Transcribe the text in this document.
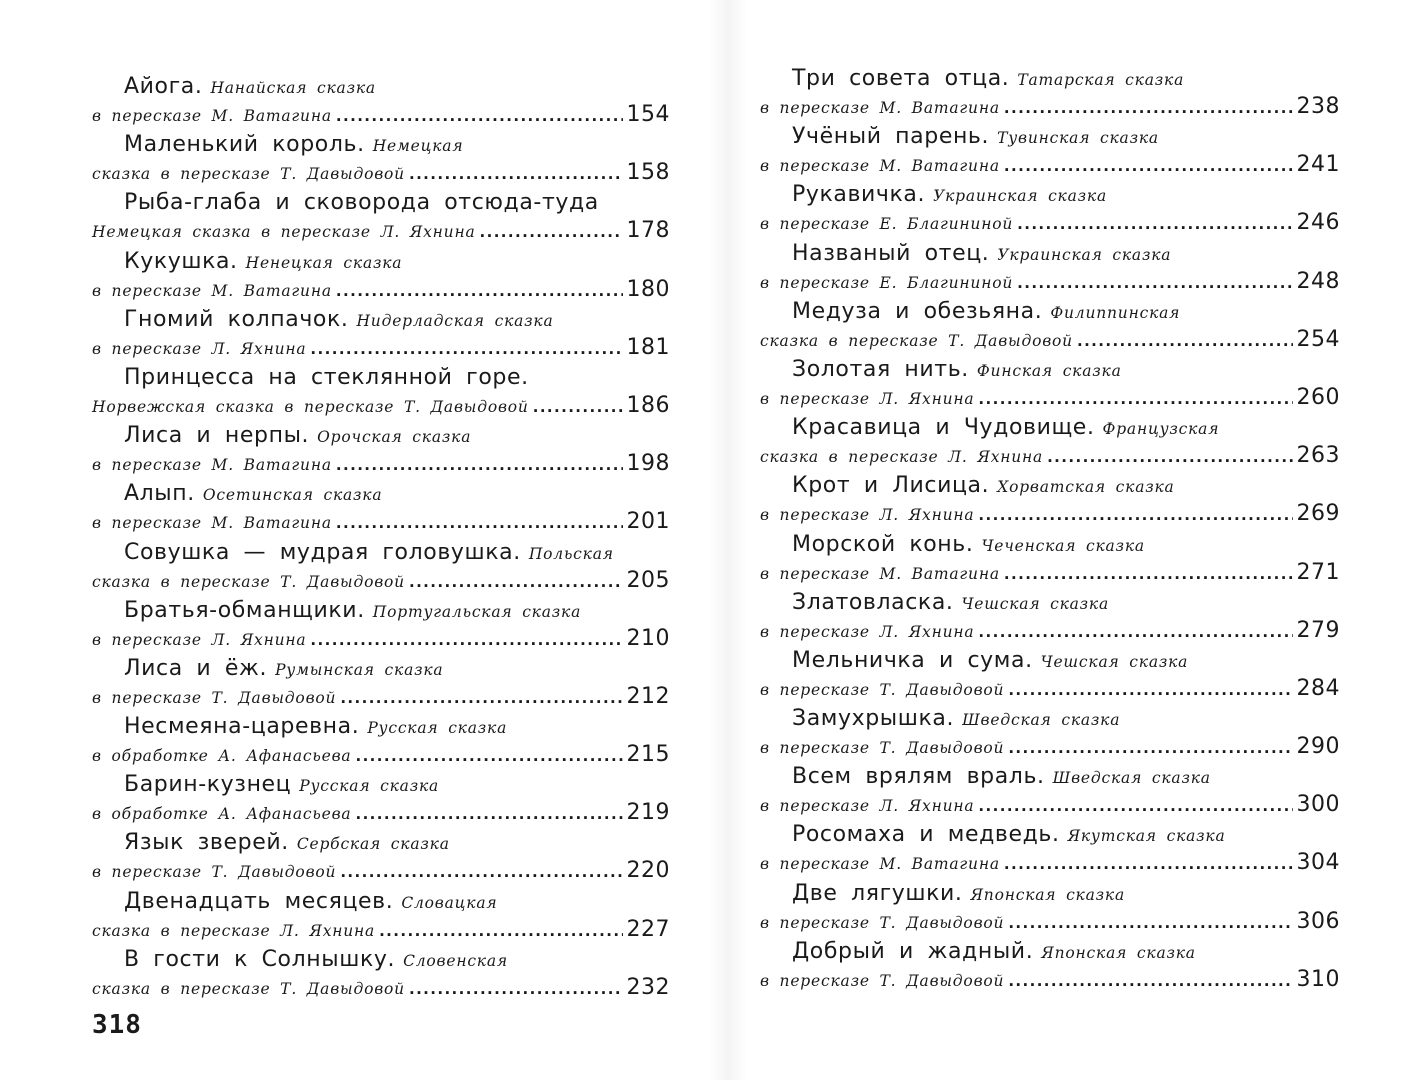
Айога. Нанайская сказка
в пересказе М. Ватагина .....	154
Маленький король. Немецкая
сказка в пересказе Т. Давыдовой .....	158
Рыба-глаба и сковорода отсюда-туда
Немецкая сказка в пересказе Л. Яхнина .....	178
Кукушка. Ненецкая сказка
в пересказе М. Ватагина .....	180
Гномий колпачок. Нидерладская сказка
в пересказе Л. Яхнина .....	181
Принцесса на стеклянной горе.
Норвежская сказка в пересказе Т. Давыдовой .....	186
Лиса и нерпы. Орочская сказка
в пересказе М. Ватагина .....	198
Алып. Осетинская сказка
в пересказе М. Ватагина .....	201
Совушка — мудрая головушка. Польская
сказка в пересказе Т. Давыдовой .....	205
Братья-обманщики. Португальская сказка
в пересказе Л. Яхнина .....	210
Лиса и ёж. Румынская сказка
в пересказе Т. Давыдовой .....	212
Несмеяна-царевна. Русская сказка
в обработке А. Афанасьева .....	215
Барин-кузнец Русская сказка
в обработке А. Афанасьева .....	219
Язык зверей. Сербская сказка
в пересказе Т. Давыдовой .....	220
Двенадцать месяцев. Словацкая
сказка в пересказе Л. Яхнина .....	227
В гости к Солнышку. Словенская
сказка в пересказе Т. Давыдовой .....	232
Три совета отца. Татарская сказка
в пересказе М. Ватагина .....	238
Учёный парень. Тувинская сказка
в пересказе М. Ватагина .....	241
Рукавичка. Украинская сказка
в пересказе Е. Благининой .....	246
Названый отец. Украинская сказка
в пересказе Е. Благининой .....	248
Медуза и обезьяна. Филиппинская
сказка в пересказе Т. Давыдовой .....	254
Золотая нить. Финская сказка
в пересказе Л. Яхнина .....	260
Красавица и Чудовище. Французская
сказка в пересказе Л. Яхнина .....	263
Крот и Лисица. Хорватская сказка
в пересказе Л. Яхнина .....	269
Морской конь. Чеченская сказка
в пересказе М. Ватагина .....	271
Златовласка. Чешская сказка
в пересказе Л. Яхнина .....	279
Мельничка и сума. Чешская сказка
в пересказе Т. Давыдовой .....	284
Замухрышка. Шведская сказка
в пересказе Т. Давыдовой .....	290
Всем врялям враль. Шведская сказка
в пересказе Л. Яхнина .....	300
Росомаха и медведь. Якутская сказка
в пересказе М. Ватагина .....	304
Две лягушки. Японская сказка
в пересказе Т. Давыдовой .....	306
Добрый и жадный. Японская сказка
в пересказе Т. Давыдовой .....	310
318
